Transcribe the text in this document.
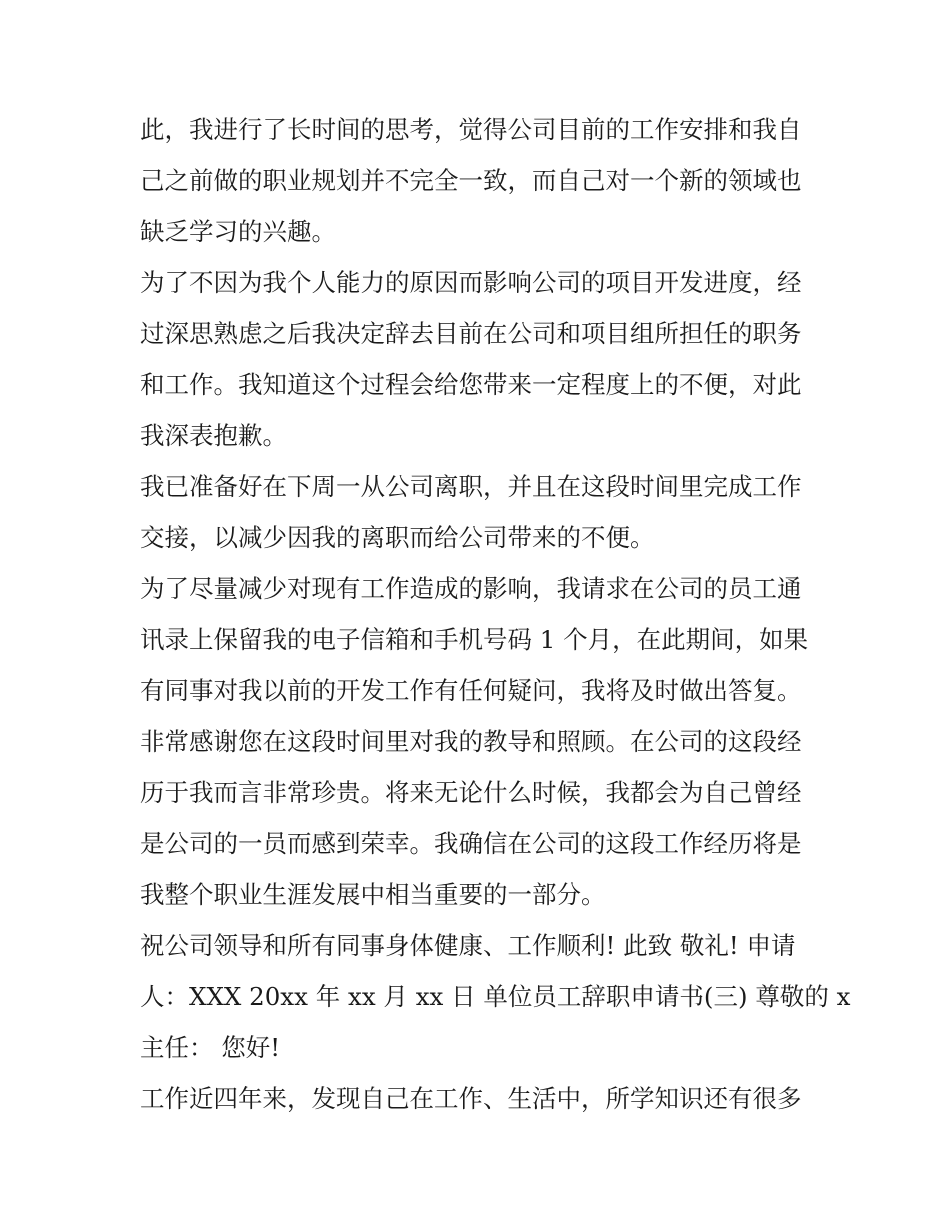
此，我进行了长时间的思考，觉得公司目前的工作安排和我自
己之前做的职业规划并不完全一致，而自己对一个新的领域也
缺乏学习的兴趣。
为了不因为我个人能力的原因而影响公司的项目开发进度，经
过深思熟虑之后我决定辞去目前在公司和项目组所担任的职务
和工作。我知道这个过程会给您带来一定程度上的不便，对此
我深表抱歉。
我已准备好在下周一从公司离职，并且在这段时间里完成工作
交接，以减少因我的离职而给公司带来的不便。
为了尽量减少对现有工作造成的影响，我请求在公司的员工通
讯录上保留我的电子信箱和手机号码 1 个月，在此期间，如果
有同事对我以前的开发工作有任何疑问，我将及时做出答复。
非常感谢您在这段时间里对我的教导和照顾。在公司的这段经
历于我而言非常珍贵。将来无论什么时候，我都会为自己曾经
是公司的一员而感到荣幸。我确信在公司的这段工作经历将是
我整个职业生涯发展中相当重要的一部分。
祝公司领导和所有同事身体健康、工作顺利! 此致 敬礼! 申请
人：XXX 20xx 年 xx 月 xx 日 单位员工辞职申请书(三) 尊敬的 x
主任： 您好!
工作近四年来，发现自己在工作、生活中，所学知识还有很多
